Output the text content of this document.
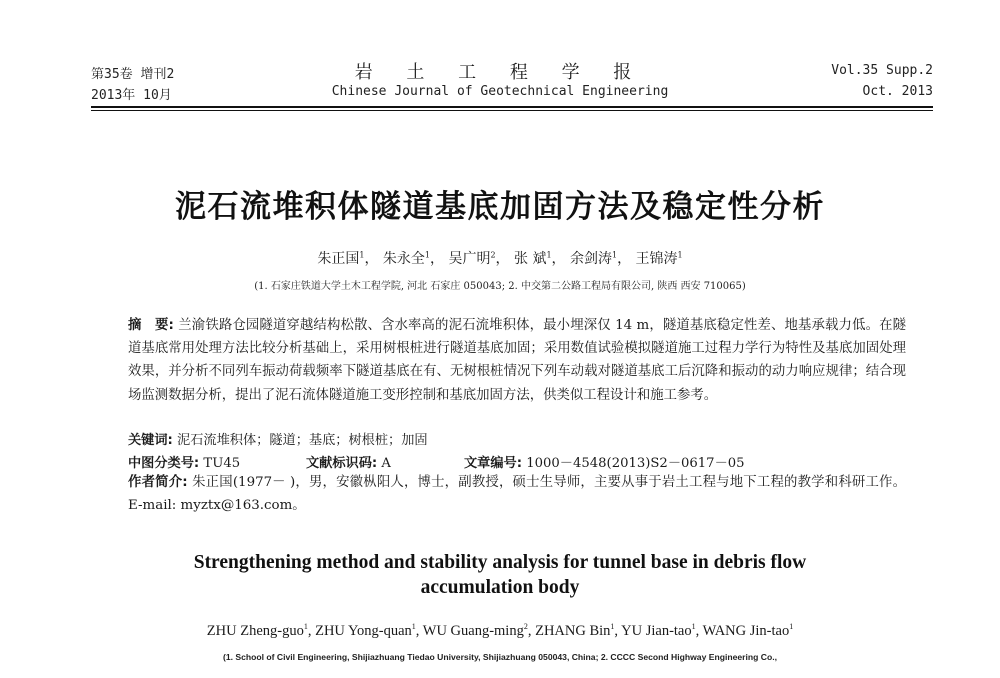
第35卷 增刊2
2013年 10月
岩 土 工 程 学 报
Chinese Journal of Geotechnical Engineering
Vol.35 Supp.2
Oct. 2013
泥石流堆积体隧道基底加固方法及稳定性分析
朱正国$^1$， 朱永全$^1$， 吴广明$^2$， 张 斌$^1$， 余剑涛$^1$， 王锦涛$^1$
(1. 石家庄铁道大学土木工程学院, 河北 石家庄 050043; 2. 中交第二公路工程局有限公司, 陕西 西安 710065)
摘　要: 兰渝铁路仓园隧道穿越结构松散、含水率高的泥石流堆积体，最小埋深仅 14 m，隧道基底稳定性差、地基承载力低。在隧道基底常用处理方法比较分析基础上，采用树根桩进行隧道基底加固；采用数值试验模拟隧道施工过程力学行为特性及基底加固处理效果，并分析不同列车振动荷载频率下隧道基底在有、无树根桩情况下列车动载对隧道基底工后沉降和振动的动力响应规律；结合现场监测数据分析，提出了泥石流体隧道施工变形控制和基底加固方法，供类似工程设计和施工参考。
关键词: 泥石流堆积体；隧道；基底；树根桩；加固
中图分类号: TU45	文献标识码: A	文章编号: 1000－4548(2013)S2－0617－05
作者简介: 朱正国(1977－ )，男，安徽枞阳人，博士，副教授，硕士生导师，主要从事于岩土工程与地下工程的教学和科研工作。E-mail: myztx@163.com。
Strengthening method and stability analysis for tunnel base in debris flow
accumulation body
ZHU Zheng-guo$^1$, ZHU Yong-quan$^1$, WU Guang-ming$^2$, ZHANG Bin$^1$, YU Jian-tao$^1$, WANG Jin-tao$^1$
(1. School of Civil Engineering, Shijiazhuang Tiedao University, Shijiazhuang 050043, China; 2. CCCC Second Highway Engineering Co.,
